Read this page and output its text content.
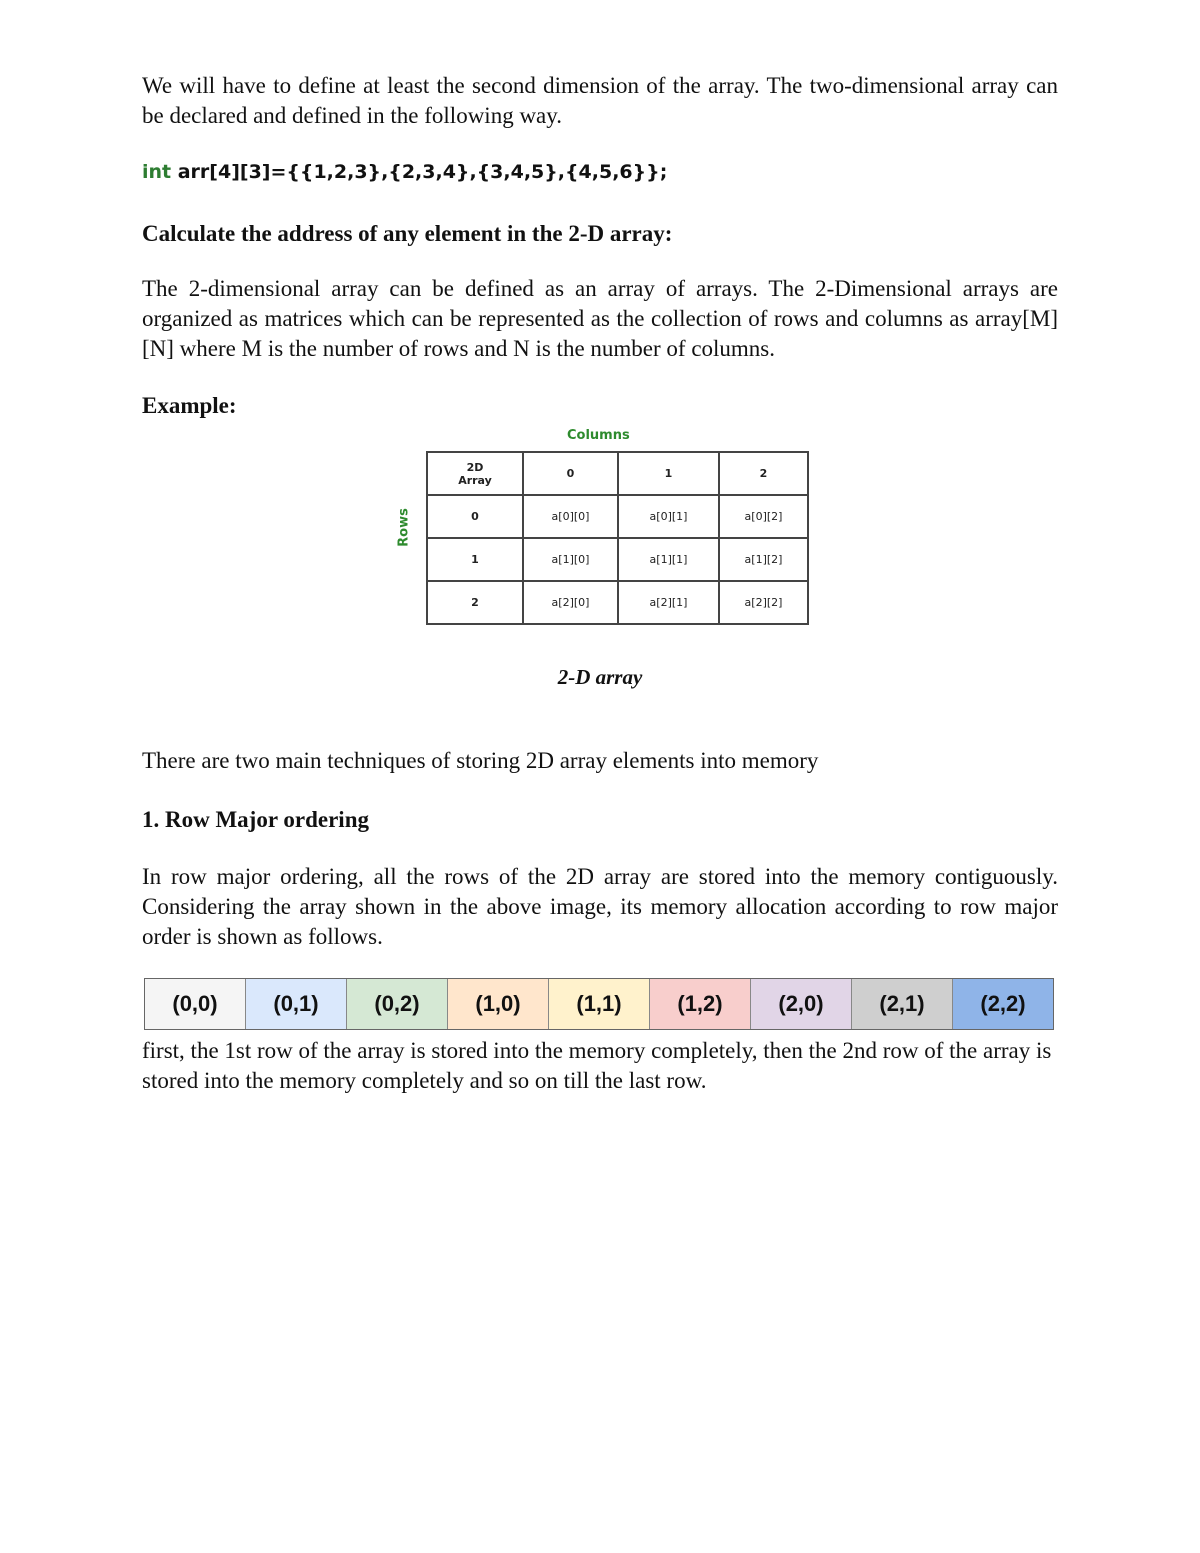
We will have to define at least the second dimension of the array. The two-dimensional array can be declared and defined in the following way.

int arr[4][3]={{1,2,3},{2,3,4},{3,4,5},{4,5,6}};
Calculate the address of any element in the 2-D array:

The 2-dimensional array can be defined as an array of arrays. The 2-Dimensional arrays are organized as matrices which can be represented as the collection of rows and columns as array[M][N] where M is the number of rows and N is the number of columns.

Example:
Columns
Rows
2D
Array	0	1	2
0	a[0][0]	a[0][1]	a[0][2]
1	a[1][0]	a[1][1]	a[1][2]
2	a[2][0]	a[2][1]	a[2][2]
2-D array

There are two main techniques of storing 2D array elements into memory

1. Row Major ordering

In row major ordering, all the rows of the 2D array are stored into the memory contiguously. Considering the array shown in the above image, its memory allocation according to row major order is shown as follows.

(0,0)	(0,1)	(0,2)	(1,0)	(1,1)	(1,2)	(2,0)	(2,1)	(2,2)

first, the 1st row of the array is stored into the memory completely, then the 2nd row of the array is stored into the memory completely and so on till the last row.
